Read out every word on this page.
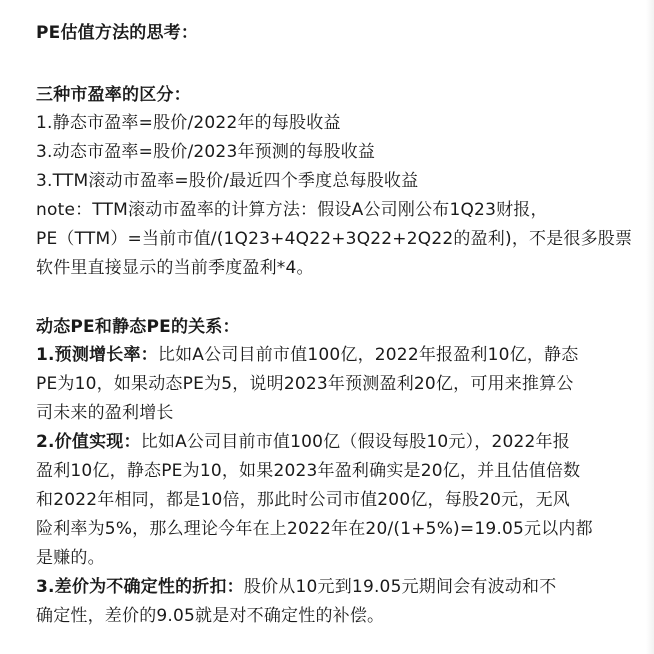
PE估值方法的思考：
三种市盈率的区分：
1.静态市盈率=股价/2022年的每股收益
3.动态市盈率=股价/2023年预测的每股收益
3.TTM滚动市盈率=股价/最近四个季度总每股收益
note：TTM滚动市盈率的计算方法：假设A公司刚公布1Q23财报，
PE（TTM）=当前市值/(1Q23+4Q22+3Q22+2Q22的盈利)，不是很多股票
软件里直接显示的当前季度盈利*4。
动态PE和静态PE的关系：
1.预测增长率：比如A公司目前市值100亿，2022年报盈利10亿，静态
PE为10，如果动态PE为5，说明2023年预测盈利20亿，可用来推算公
司未来的盈利增长
2.价值实现：比如A公司目前市值100亿（假设每股10元），2022年报
盈利10亿，静态PE为10，如果2023年盈利确实是20亿，并且估值倍数
和2022年相同，都是10倍，那此时公司市值200亿，每股20元，无风
险利率为5%，那么理论今年在上2022年在20/(1+5%)=19.05元以内都
是赚的。
3.差价为不确定性的折扣：股价从10元到19.05元期间会有波动和不
确定性，差价的9.05就是对不确定性的补偿。
